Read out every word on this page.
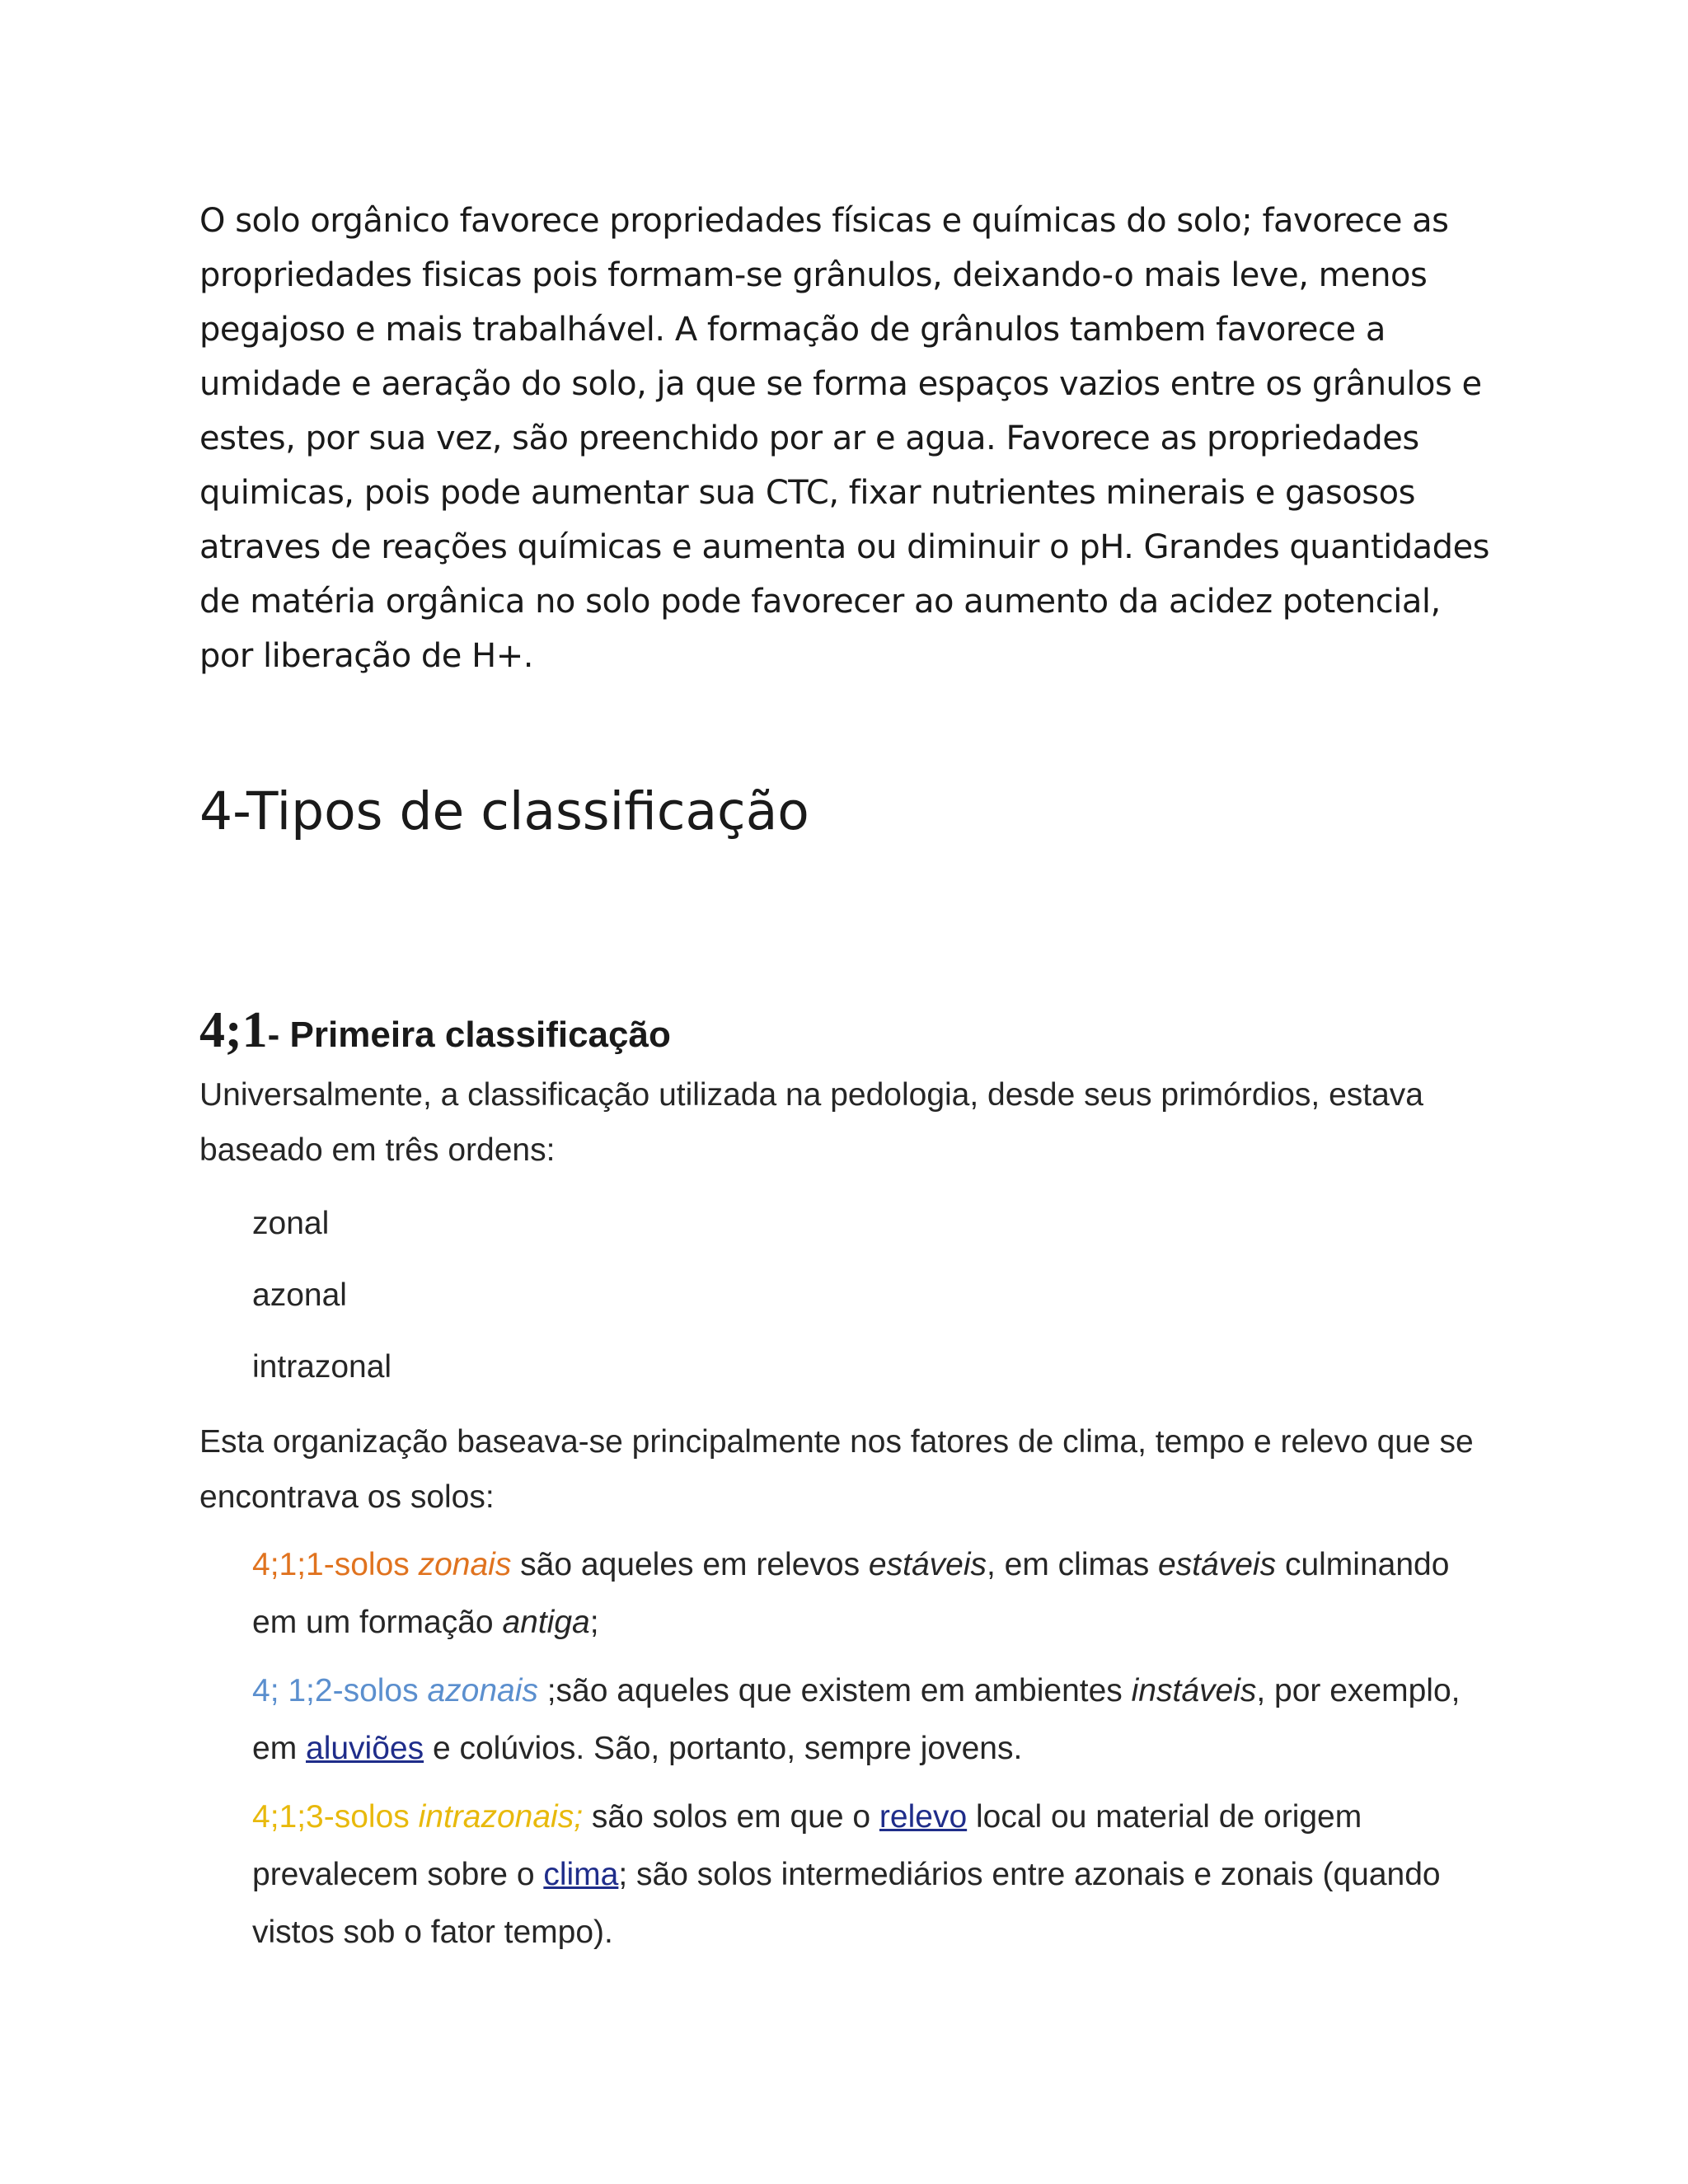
O solo orgânico favorece propriedades físicas e químicas do solo; favorece as propriedades fisicas pois formam-se grânulos, deixando-o mais leve, menos pegajoso e mais trabalhável. A formação de grânulos tambem favorece a umidade e aeração do solo, ja que se forma espaços vazios entre os grânulos e estes, por sua vez, são preenchido por ar e agua. Favorece as propriedades quimicas, pois pode aumentar sua CTC, fixar nutrientes minerais e gasosos atraves de reações químicas e aumenta ou diminuir o pH. Grandes quantidades de matéria orgânica no solo pode favorecer ao aumento da acidez potencial, por liberação de H+.

4-Tipos de classificação
4;1- Primeira classificação

Universalmente, a classificação utilizada na pedologia, desde seus primórdios, estava baseado em três ordens:

zonal
azonal
intrazonal

Esta organização baseava-se principalmente nos fatores de clima, tempo e relevo que se encontrava os solos:

4;1;1-solos zonais são aqueles em relevos estáveis, em climas estáveis culminando em um formação antiga;

4; 1;2-solos azonais ;são aqueles que existem em ambientes instáveis, por exemplo, em aluviões e colúvios. São, portanto, sempre jovens.

4;1;3-solos intrazonais; são solos em que o relevo local ou material de origem prevalecem sobre o clima; são solos intermediários entre azonais e zonais (quando vistos sob o fator tempo).
